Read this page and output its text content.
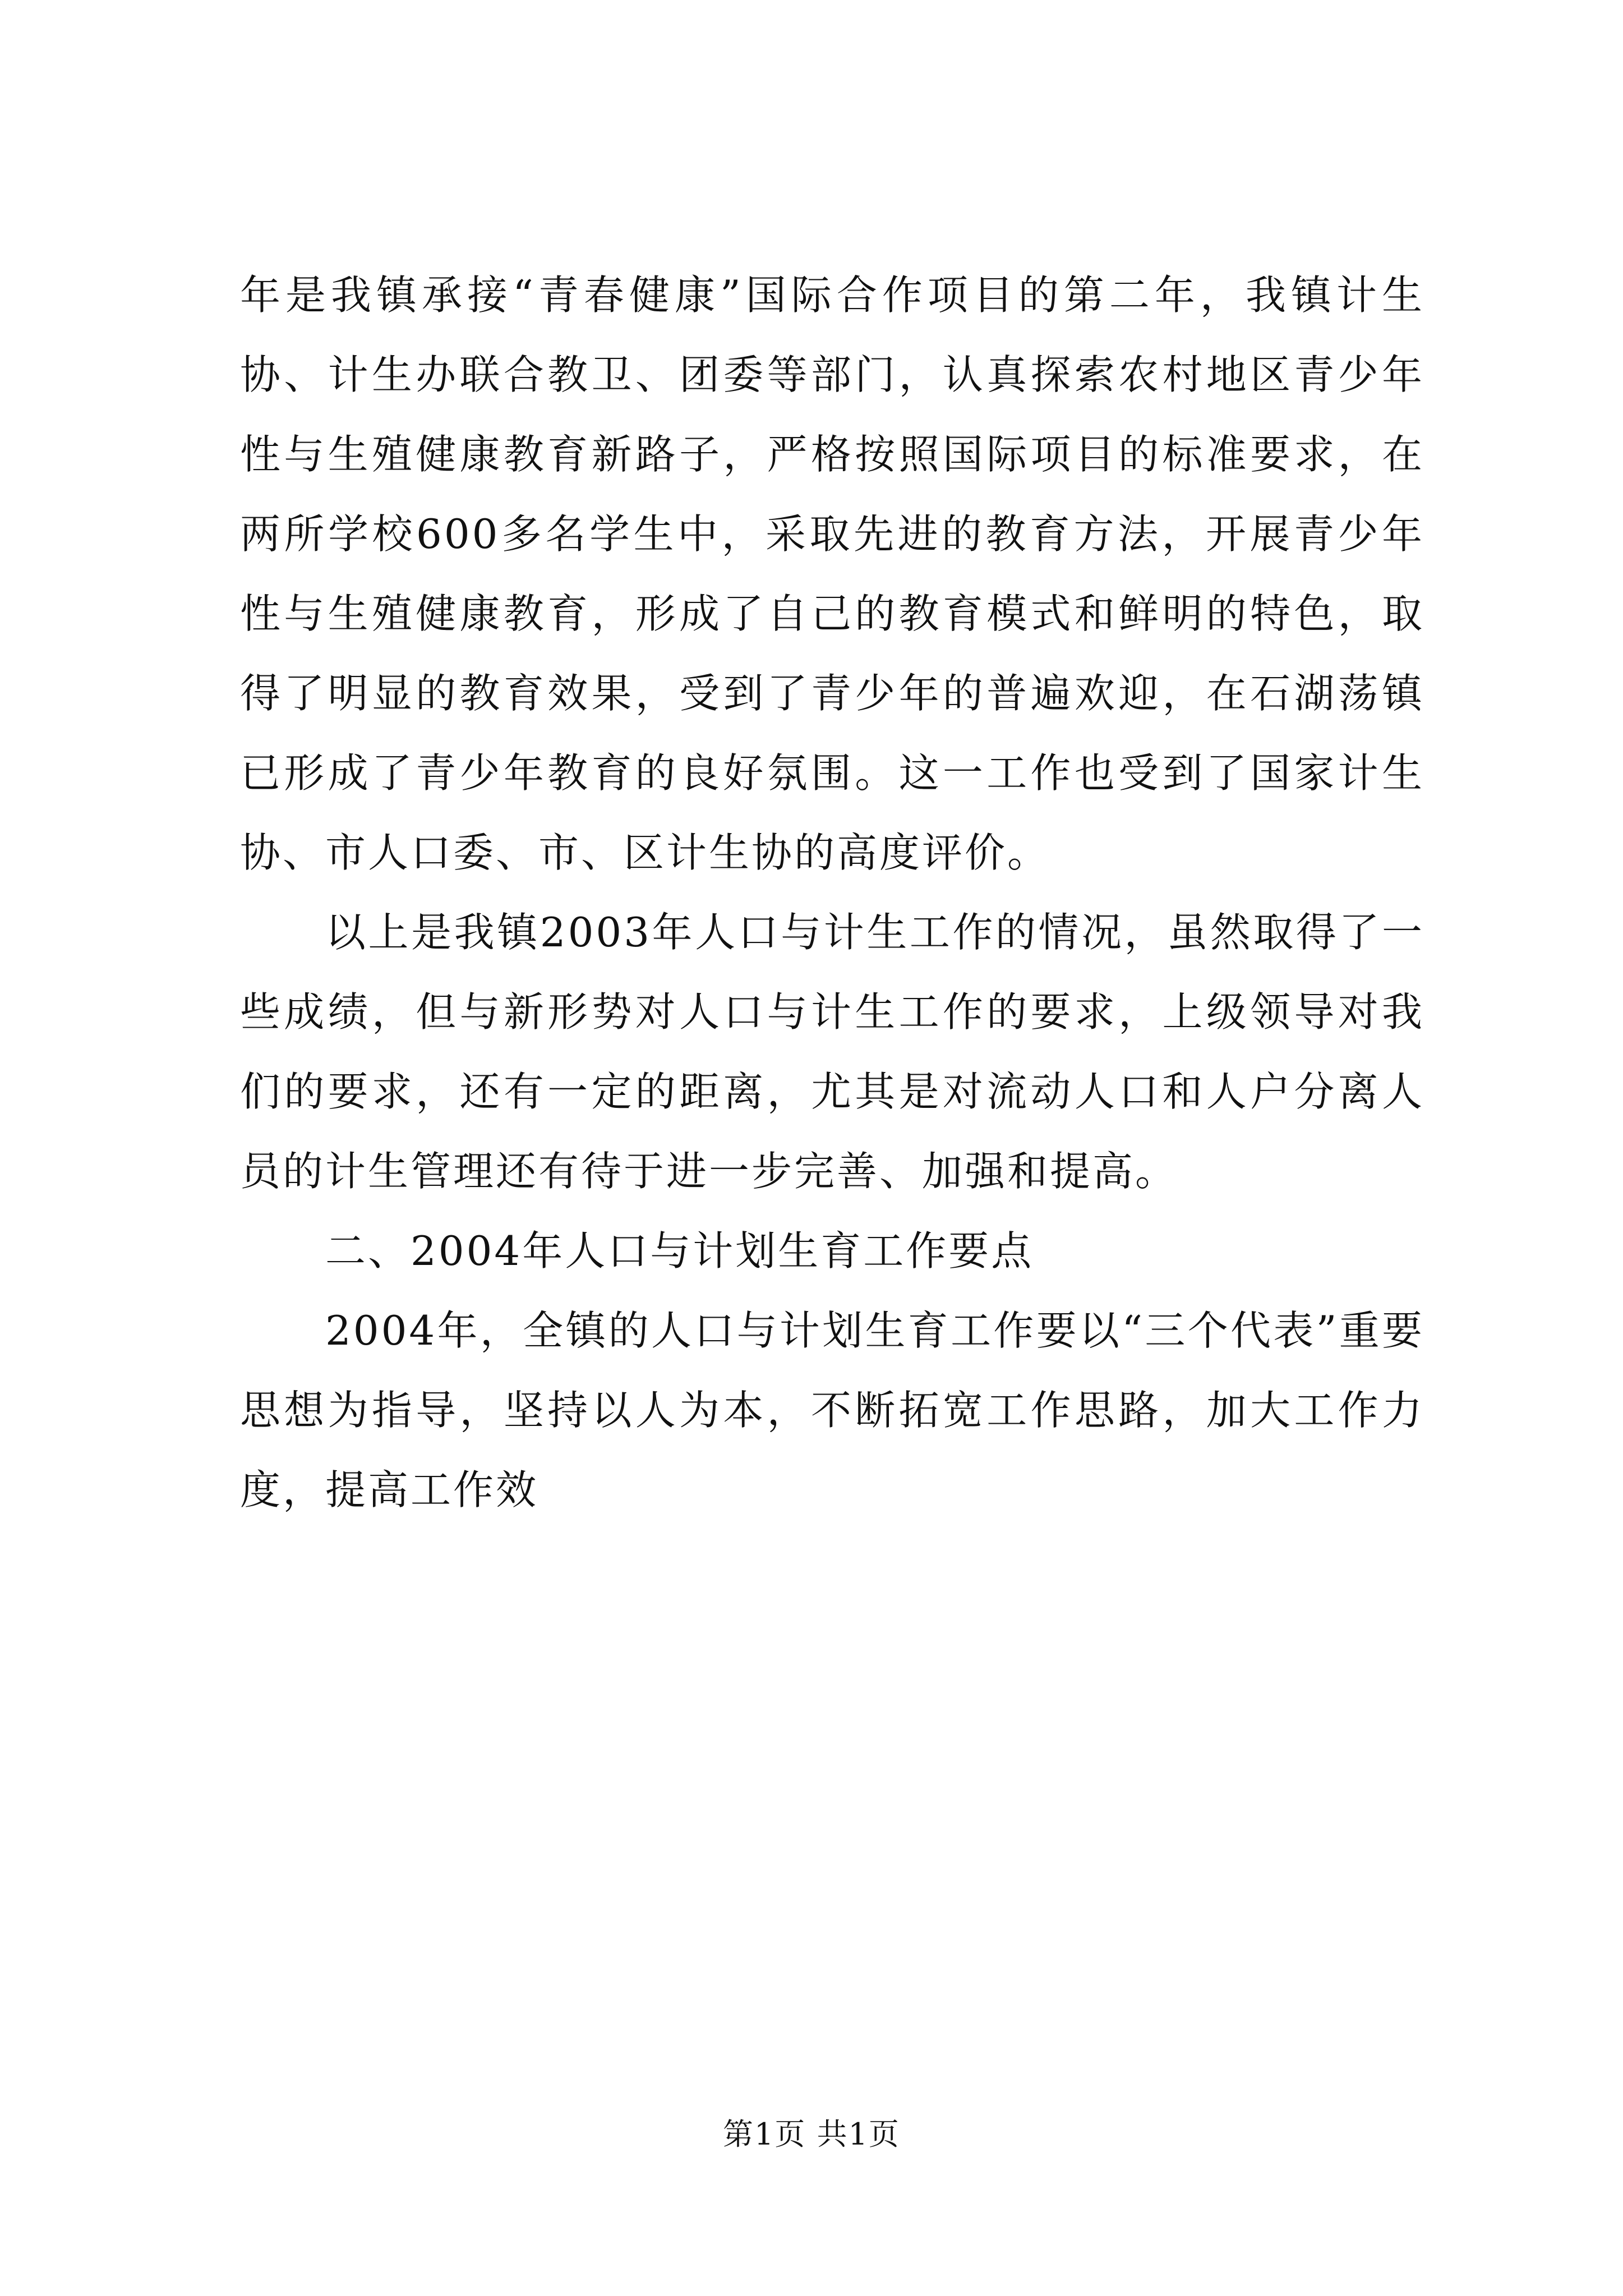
年是我镇承接“青春健康”国际合作项目的第二年，我镇计生协、计生办联合教卫、团委等部门，认真探索农村地区青少年性与生殖健康教育新路子，严格按照国际项目的标准要求，在两所学校600多名学生中，采取先进的教育方法，开展青少年性与生殖健康教育，形成了自己的教育模式和鲜明的特色，取得了明显的教育效果，受到了青少年的普遍欢迎，在石湖荡镇已形成了青少年教育的良好氛围。这一工作也受到了国家计生协、市人口委、市、区计生协的高度评价。

以上是我镇2003年人口与计生工作的情况，虽然取得了一些成绩，但与新形势对人口与计生工作的要求，上级领导对我们的要求，还有一定的距离，尤其是对流动人口和人户分离人员的计生管理还有待于进一步完善、加强和提高。

二、2004年人口与计划生育工作要点

2004年，全镇的人口与计划生育工作要以“三个代表”重要思想为指导，坚持以人为本，不断拓宽工作思路，加大工作力度，提高工作效

第1页 共1页
